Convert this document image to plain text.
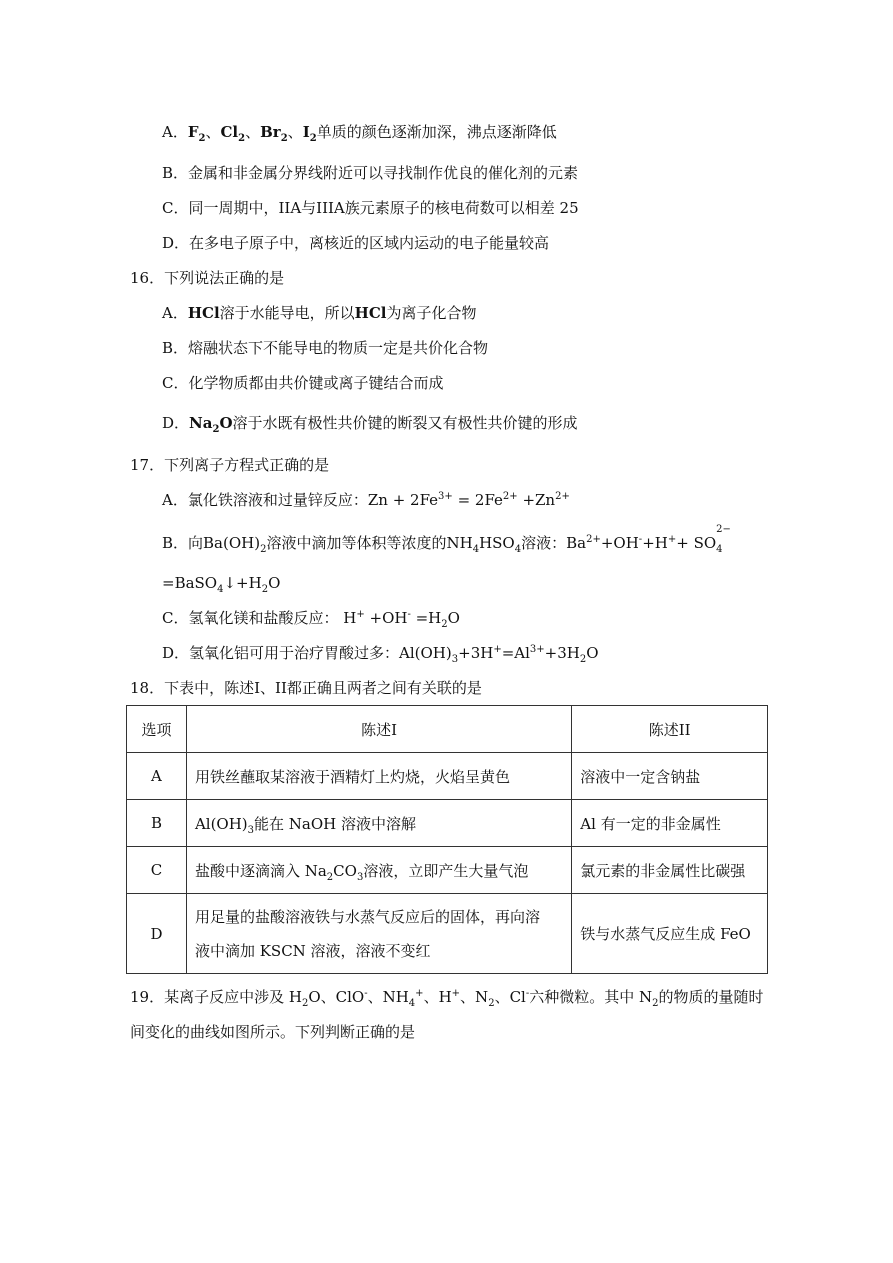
A．$F_2$、$Cl_2$、$Br_2$、$I_2$单质的颜色逐渐加深，沸点逐渐降低
B．金属和非金属分界线附近可以寻找制作优良的催化剂的元素
C．同一周期中，IIA与IIIA族元素原子的核电荷数可以相差 25
D．在多电子原子中，离核近的区域内运动的电子能量较高
16．下列说法正确的是
A．HCl溶于水能导电，所以HCl为离子化合物
B．熔融状态下不能导电的物质一定是共价化合物
C．化学物质都由共价键或离子键结合而成
D．$Na_2O$溶于水既有极性共价键的断裂又有极性共价键的形成
17．下列离子方程式正确的是
A．氯化铁溶液和过量锌反应：$Zn + 2Fe^{3+} = 2Fe^{2+} +Zn^{2+}$
B．向$Ba(OH)_2$溶液中滴加等体积等浓度的$NH_4HSO_4$溶液：$Ba^{2+}+OH^-+H^++$ SO
$_{2- 4}$
$=BaSO_4↓+H_2O$
C．氢氧化镁和盐酸反应： $H^+ +OH^- =H_2O$
D．氢氧化铝可用于治疗胃酸过多：$Al(OH)_3+3H^+=Al^{3+}+3H_2O$
18．下表中，陈述I、II都正确且两者之间有关联的是
选项	陈述I	陈述II
A	用铁丝蘸取某溶液于酒精灯上灼烧，火焰呈黄色	溶液中一定含钠盐
B	$Al(OH)_3$能在 NaOH 溶液中溶解	Al 有一定的非金属性
C	盐酸中逐滴滴入 $Na_2CO_3$溶液，立即产生大量气泡	氯元素的非金属性比碳强
D	用足量的盐酸溶液铁与水蒸气反应后的固体，再向溶
液中滴加 KSCN 溶液，溶液不变红	铁与水蒸气反应生成 FeO
19．某离子反应中涉及 $H_2O$、ClO-、$NH_4^+$、H+、$N_2$、Cl-六种微粒。其中 $N_2$的物质的量随时
间变化的曲线如图所示。下列判断正确的是
